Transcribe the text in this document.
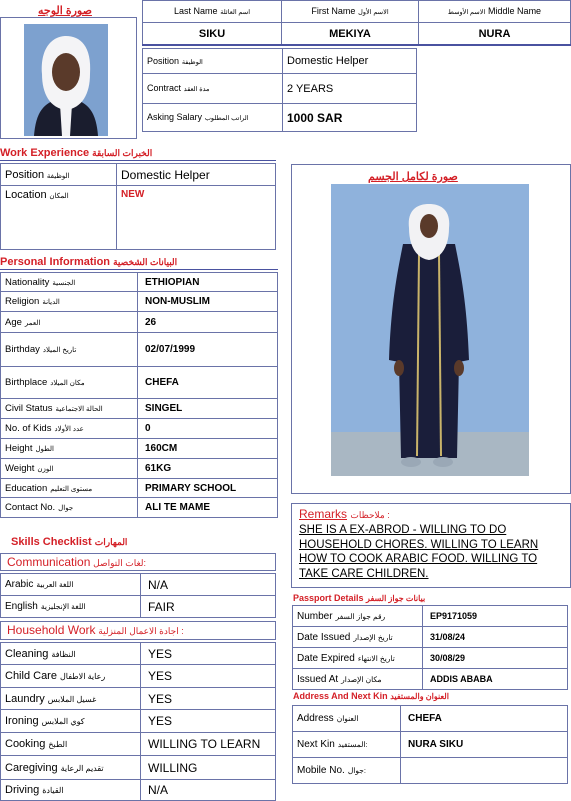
صورة الوجه	Last Name اسم العائلة	First Name الاسم الأول	الاسم الأوسط Middle Name
SIKU	MEKIYA	NURA
Position الوظيفة	Domestic Helper
Contract مدة العقد	2 YEARS
Asking Salary الراتب المطلوب	1000 SAR
Work Experience الخبرات السابقة
Position الوظيفة	Domestic Helper
Location المكان	NEW
Personal Information البيانات الشخصية
Nationality الجنسية	ETHIOPIAN
Religion الديانة	NON-MUSLIM
Age العمر	26
Birthday تاريخ الميلاد	02/07/1999
Birthplace مكان الميلاد	CHEFA
Civil Status الحالة الاجتماعية	SINGEL
No. of Kids عدد الأولاد	0
Height الطول	160CM
Weight الوزن	61KG
Education مستوى التعليم	PRIMARY SCHOOL
Contact No. جوال	ALI TE MAME
Skills Checklist المهارات
Communication لغات التواصل:
Arabic اللغة العربية	N/A
English اللغة الإنجليزية	FAIR
Household Work اجادة الاعمال المنزلية :
Cleaning النظافة	YES
Child Care رعاية الاطفال	YES
Laundry غسيل الملابس	YES
Ironing كوي الملابس	YES
Cooking الطبخ	WILLING TO LEARN
Caregiving تقديم الرعاية	WILLING
Driving القيادة	N/A
صورة لكامل الجسم
Remarks ملاحظات :
SHE IS A EX-ABROD - WILLING TO DO HOUSEHOLD CHORES. WILLING TO LEARN HOW TO COOK ARABIC FOOD. WILLING TO TAKE CARE CHILDREN.
Passport Details بيانات جواز السفر
Number رقم جواز السفر	EP9171059
Date Issued تاريخ الإصدار	31/08/24
Date Expired تاريخ الانتهاء	30/08/29
Issued At مكان الإصدار	ADDIS ABABA
Address And Next Kin العنوان والمستفيد
Address العنوان	CHEFA
Next Kin المستفيد:	NURA SIKU
Mobile No. جوال:	
